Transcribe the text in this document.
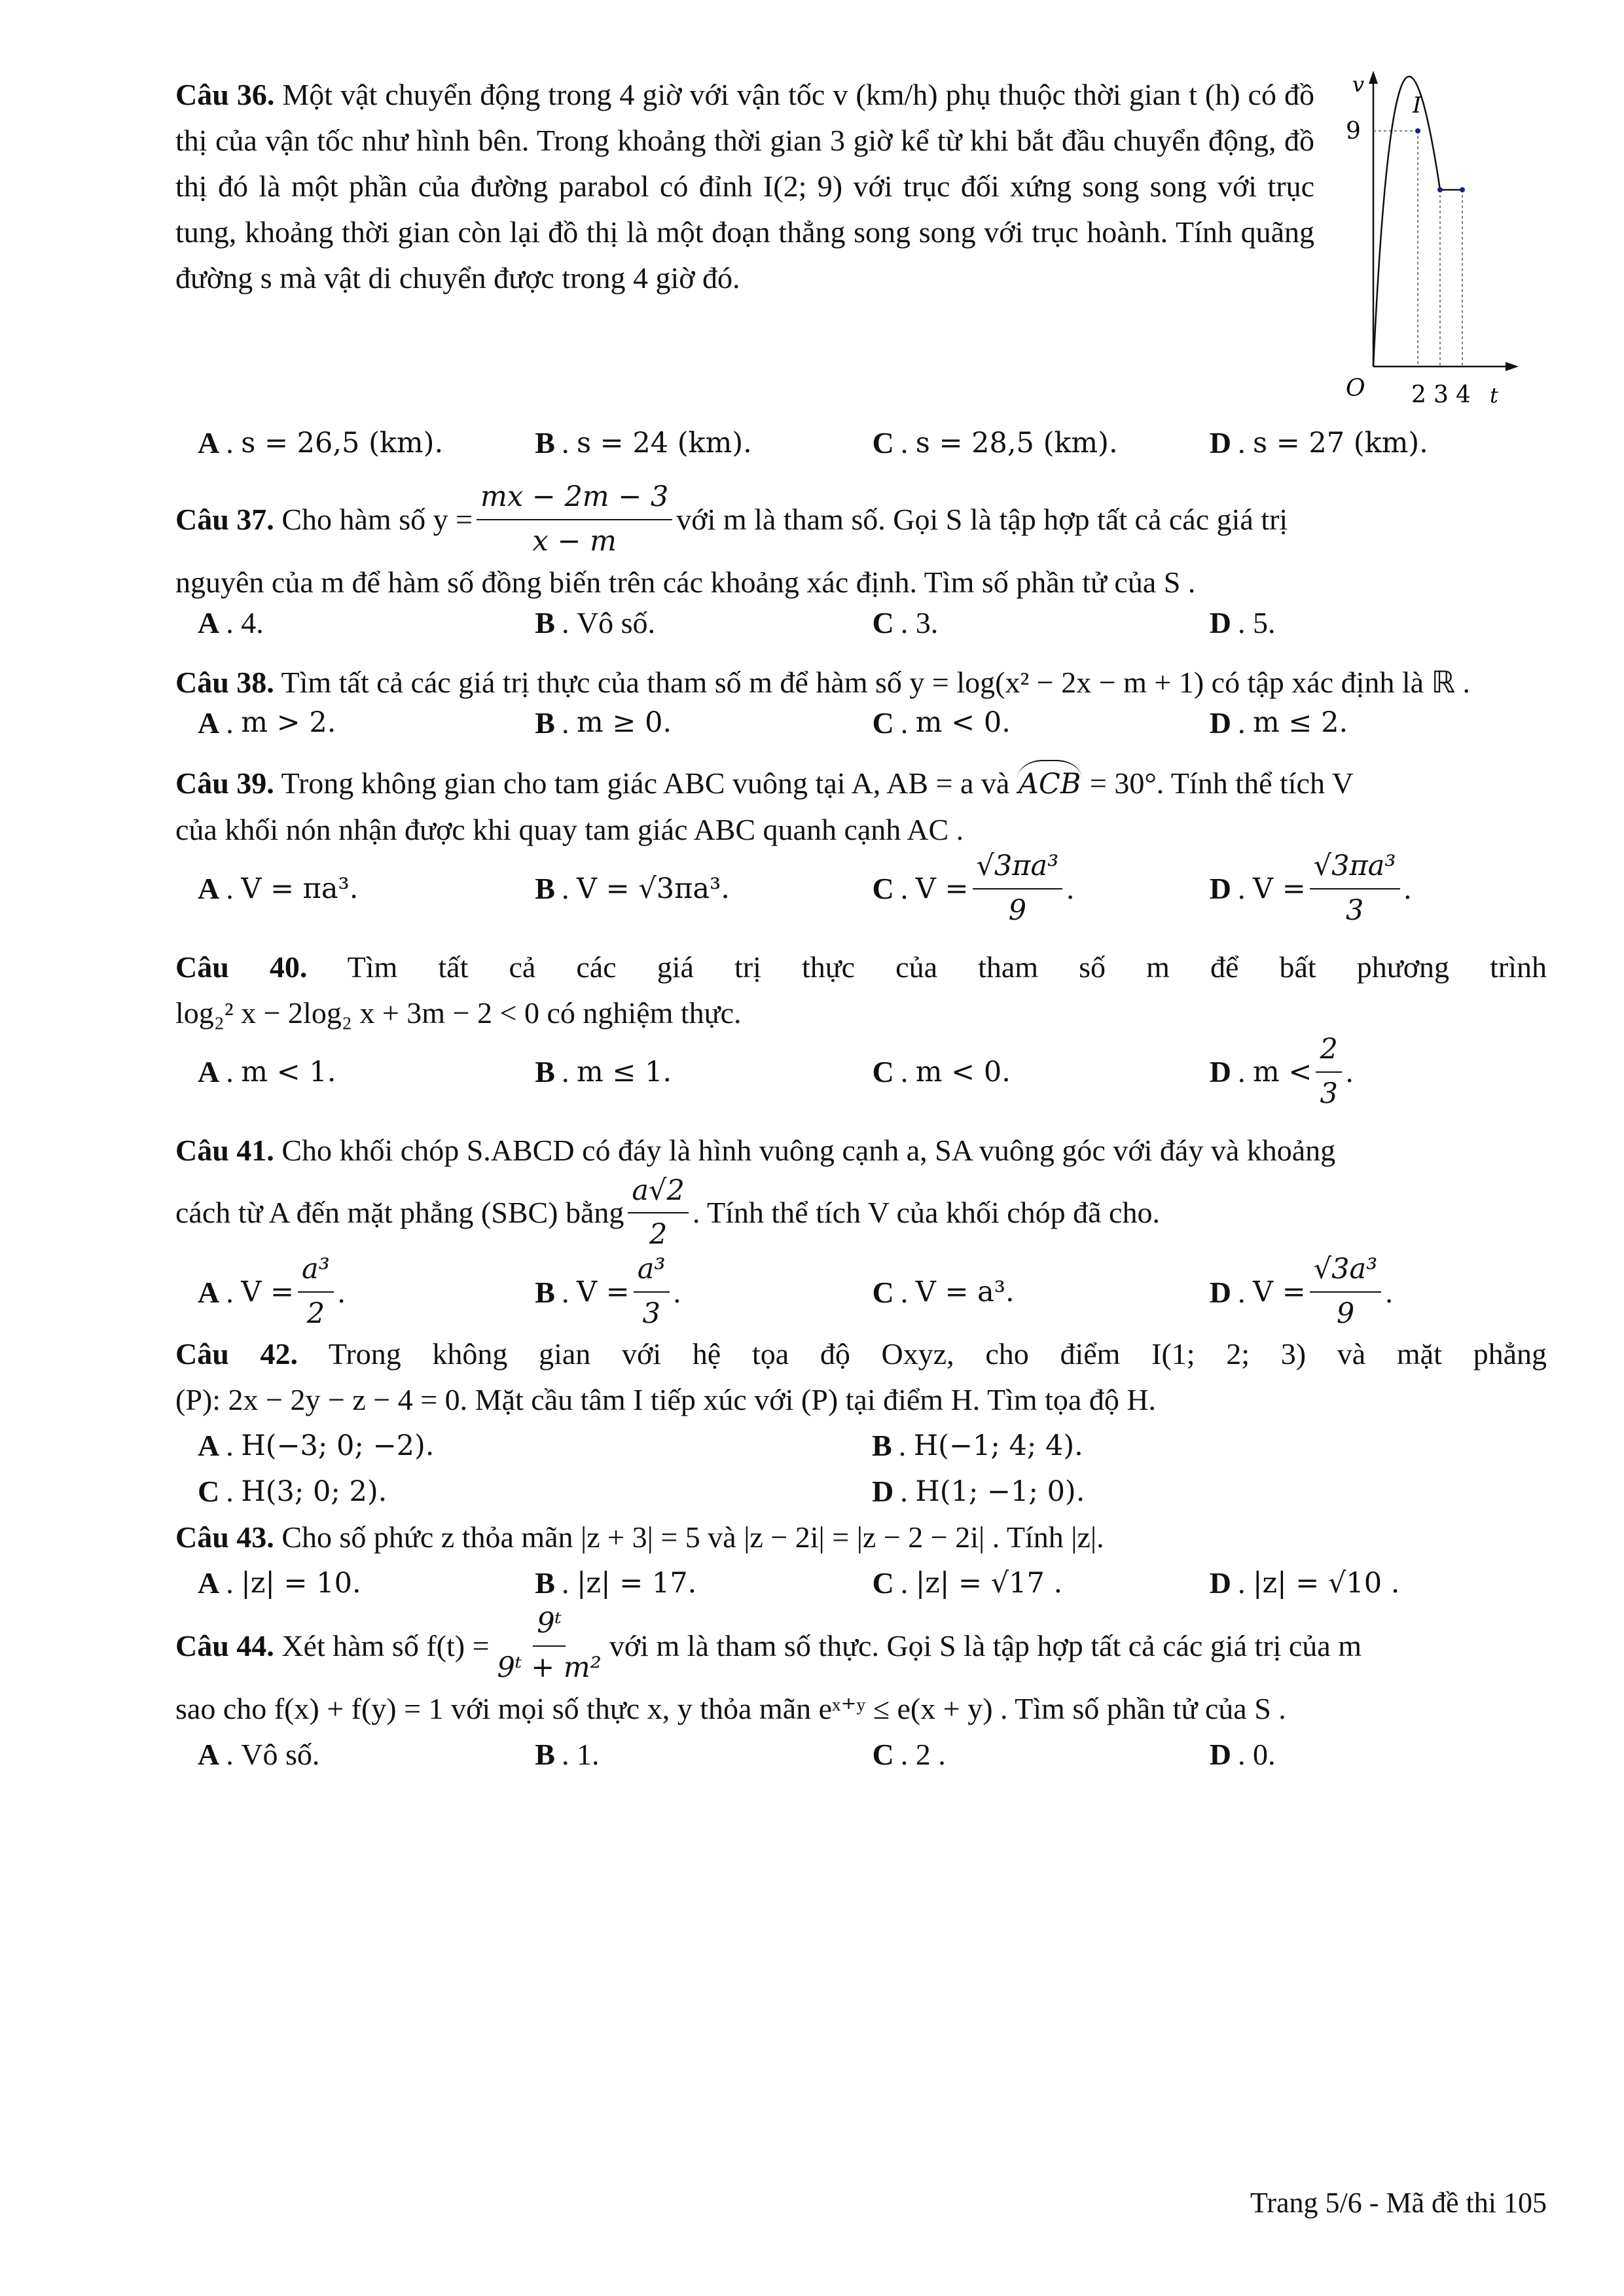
Câu 36. Một vật chuyển động trong 4 giờ với vận tốc v (km/h) phụ thuộc thời gian t (h) có đồ thị của vận tốc như hình bên. Trong khoảng thời gian 3 giờ kể từ khi bắt đầu chuyển động, đồ thị đó là một phần của đường parabol có đỉnh I(2; 9) với trục đối xứng song song với trục tung, khoảng thời gian còn lại đồ thị là một đoạn thẳng song song với trục hoành. Tính quãng đường s mà vật di chuyển được trong 4 giờ đó.
v
I
9
O 2 3 4 t
A . s = 26,5 (km).	B . s = 24 (km).	C . s = 28,5 (km).	D . s = 27 (km).
Câu 37.
Cho hàm số $y = \frac{mx - 2m - 3}{x - m}$ với m là tham số. Gọi S là tập hợp tất cả các giá trị
nguyên của m để hàm số đồng biến trên các khoảng xác định. Tìm số phần tử của S .
A . 4.	B . Vô số.	C . 3.	D . 5.
Câu 38. Tìm tất cả các giá trị thực của tham số m để hàm số y = log(x² − 2x − m + 1) có tập xác định là ℝ .
A . m > 2.	B . m ≥ 0.	C . m < 0.	D . m ≤ 2.
Câu 39. Trong không gian cho tam giác ABC vuông tại A, AB = a và ACB = 30°. Tính thể tích V
của khối nón nhận được khi quay tam giác ABC quanh cạnh AC .
A . V = πa³.	B . V = √3πa³.	C . $V = \frac{\text{√3πa³}}{9}$ .	D . $V = \frac{\text{√3πa³}}{3}$ .
Câu 40. Tìm tất cả các giá trị thực của tham số m để bất phương trình
log₂² x − 2log₂ x + 3m − 2 < 0 có nghiệm thực.
A . m < 1.	B . m ≤ 1.	C . m < 0.	D . $m < \frac{2}{3}$ .
Câu 41. Cho khối chóp S.ABCD có đáy là hình vuông cạnh a, SA vuông góc với đáy và khoảng
cách từ A đến mặt phẳng (SBC) bằng $\frac{a√2}{2}$ . Tính thể tích V của khối chóp đã cho.
A . $V = \frac{\text{a³}}{2}$ .	B . $V = \frac{\text{a³}}{3}$ .	C . V = a³.	D . $V = \frac{\text{√3a³}}{9}$ .
Câu 42. Trong không gian với hệ tọa độ Oxyz, cho điểm I(1; 2; 3) và mặt phẳng
(P): 2x − 2y − z − 4 = 0. Mặt cầu tâm I tiếp xúc với (P) tại điểm H. Tìm tọa độ H.
A . H(−3; 0; −2).	B . H(−1; 4; 4).
C . H(3; 0; 2).	D . H(1; −1; 0).
Câu 43. Cho số phức z thỏa mãn |z + 3| = 5 và |z − 2i| = |z − 2 − 2i| . Tính |z|.
A . |z| = 10.	B . |z| = 17.	C . |z| = √17 .	D . |z| = √10 .
Câu 44.
Xét hàm số $f(t) = \frac{\text{9ᵗ}}{\text{9ᵗ + m²}}$ với m là tham số thực. Gọi S là tập hợp tất cả các giá trị của m
sao cho f(x) + f(y) = 1 với mọi số thực x, y thỏa mãn eˣ⁺ʸ ≤ e(x + y) . Tìm số phần tử của S .
A . Vô số.	B . 1.	C . 2 .	D . 0.
Trang 5/6 - Mã đề thi 105
